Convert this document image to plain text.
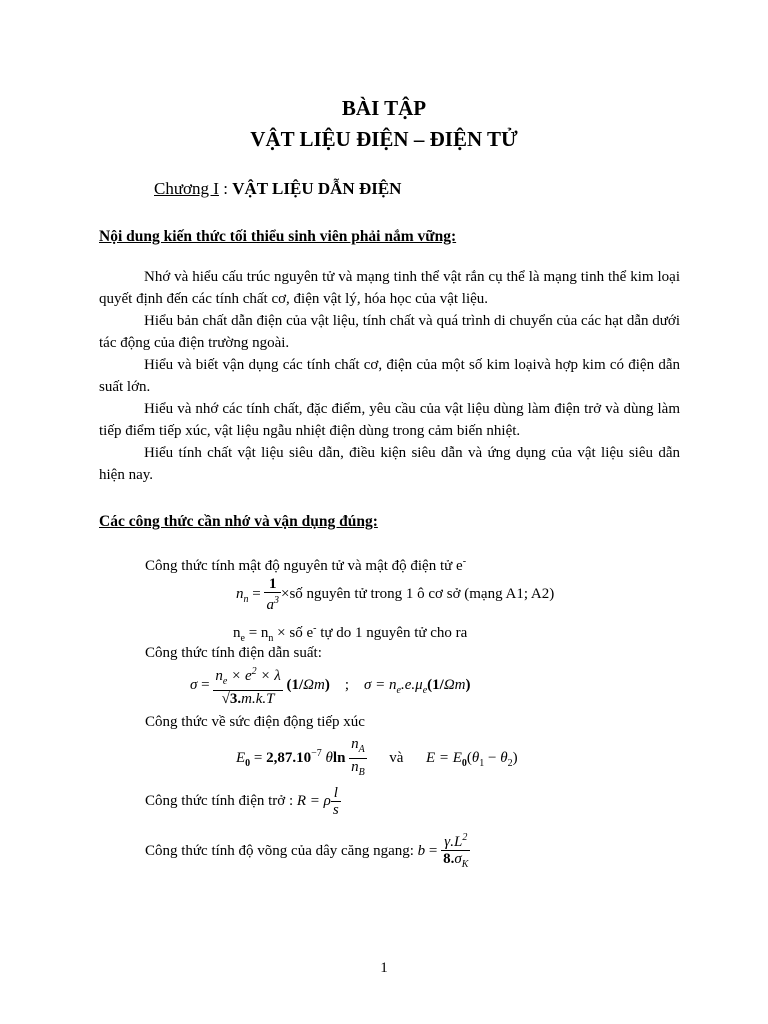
BÀI TẬP
VẬT LIỆU ĐIỆN – ĐIỆN TỬ
Chương I : VẬT LIỆU DẪN ĐIỆN
Nội dung kiến thức tối thiểu sinh viên phải nắm vững:

Nhớ và hiểu cấu trúc nguyên tử và mạng tinh thể vật rắn cụ thể là mạng tinh thể kim loại quyết định đến các tính chất cơ, điện vật lý, hóa học của vật liệu.

Hiểu bản chất dẫn điện của vật liệu, tính chất và quá trình di chuyển của các hạt dẫn dưới tác động của điện trường ngoài.

Hiểu và biết vận dụng các tính chất cơ, điện của một số kim loạivà hợp kim có điện dẫn suất lớn.

Hiểu và nhớ các tính chất, đặc điểm, yêu cầu của vật liệu dùng làm điện trở và dùng làm tiếp điểm tiếp xúc, vật liệu ngẫu nhiệt điện dùng trong cảm biến nhiệt.

Hiểu tính chất vật liệu siêu dẫn, điều kiện siêu dẫn và ứng dụng của vật liệu siêu dẫn hiện nay.

Các công thức cần nhớ và vận dụng đúng:
Công thức tính mật độ nguyên tử và mật độ điện tử e-
$n_n = \frac{1}{a^3}$ ×số nguyên tử trong 1 ô cơ sở (mạng A1; A2)
$n_e = n_n$ × số e- tự do 1 nguyên tử cho ra
Công thức tính điện dẫn suất:
$\sigma = \frac{n_e \times e^2 \times \lambda}{√3.m.k.T} (1/\Omega m)$    ;    $\sigma = n_e.e.\mu_e(1/\Omega m)$
Công thức về sức điện động tiếp xúc
$E_0 = 2,87.10^{-7}$ θln $\frac{n_A}{n_B}$ và $E = E_0(\theta_1 - \theta_2)$
Công thức tính điện trở : R = ρ $\frac{l}{s}$
Công thức tính độ võng của dây căng ngang: $b = \frac{\gamma.L^2}{8.\sigma_K}$
1
